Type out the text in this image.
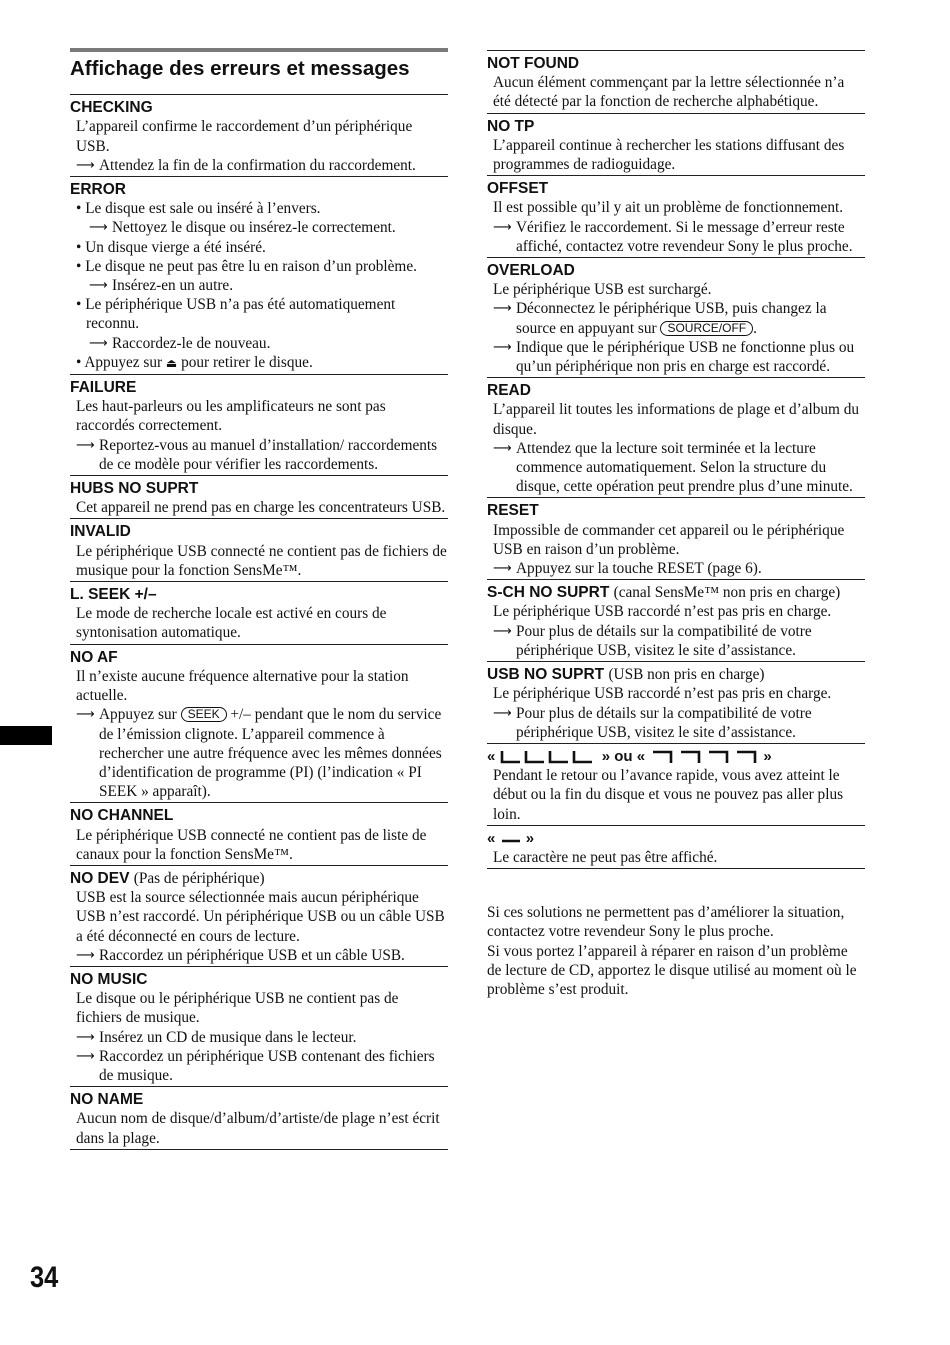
Affichage des erreurs et messages
CHECKING
L’appareil confirme le raccordement d’un périphérique USB.
⟶ Attendez la fin de la confirmation du raccordement.
ERROR
• Le disque est sale ou inséré à l’envers.
⟶ Nettoyez le disque ou insérez-le correctement.
• Un disque vierge a été inséré.
• Le disque ne peut pas être lu en raison d’un problème.
⟶ Insérez-en un autre.
• Le périphérique USB n’a pas été automatiquement reconnu.
⟶ Raccordez-le de nouveau.
• Appuyez sur ⏏ pour retirer le disque.
FAILURE
Les haut-parleurs ou les amplificateurs ne sont pas raccordés correctement.
⟶ Reportez-vous au manuel d’installation/ raccordements de ce modèle pour vérifier les raccordements.
HUBS NO SUPRT
Cet appareil ne prend pas en charge les concentrateurs USB.
INVALID
Le périphérique USB connecté ne contient pas de fichiers de musique pour la fonction SensMe™.
L. SEEK +/–
Le mode de recherche locale est activé en cours de syntonisation automatique.
NO AF
Il n’existe aucune fréquence alternative pour la station actuelle.
⟶ Appuyez sur SEEK +/– pendant que le nom du service de l’émission clignote. L’appareil commence à rechercher une autre fréquence avec les mêmes données d’identification de programme (PI) (l’indication « PI SEEK » apparaît).
NO CHANNEL
Le périphérique USB connecté ne contient pas de liste de canaux pour la fonction SensMe™.
NO DEV (Pas de périphérique)
USB est la source sélectionnée mais aucun périphérique USB n’est raccordé. Un périphérique USB ou un câble USB a été déconnecté en cours de lecture.
⟶ Raccordez un périphérique USB et un câble USB.
NO MUSIC
Le disque ou le périphérique USB ne contient pas de fichiers de musique.
⟶ Insérez un CD de musique dans le lecteur.
⟶ Raccordez un périphérique USB contenant des fichiers de musique.
NO NAME
Aucun nom de disque/d’album/d’artiste/de plage n’est écrit dans la plage.
NOT FOUND
Aucun élément commençant par la lettre sélectionnée n’a été détecté par la fonction de recherche alphabétique.
NO TP
L’appareil continue à rechercher les stations diffusant des programmes de radioguidage.
OFFSET
Il est possible qu’il y ait un problème de fonctionnement.
⟶ Vérifiez le raccordement. Si le message d’erreur reste affiché, contactez votre revendeur Sony le plus proche.
OVERLOAD
Le périphérique USB est surchargé.
⟶ Déconnectez le périphérique USB, puis changez la source en appuyant sur SOURCE/OFF .
⟶ Indique que le périphérique USB ne fonctionne plus ou qu’un périphérique non pris en charge est raccordé.
READ
L’appareil lit toutes les informations de plage et d’album du disque.
⟶ Attendez que la lecture soit terminée et la lecture commence automatiquement. Selon la structure du disque, cette opération peut prendre plus d’une minute.
RESET
Impossible de commander cet appareil ou le périphérique USB en raison d’un problème.
⟶ Appuyez sur la touche RESET (page 6).
S-CH NO SUPRT (canal SensMe™ non pris en charge)
Le périphérique USB raccordé n’est pas pris en charge.
⟶ Pour plus de détails sur la compatibilité de votre périphérique USB, visitez le site d’assistance.
USB NO SUPRT (USB non pris en charge)
Le périphérique USB raccordé n’est pas pris en charge.
⟶ Pour plus de détails sur la compatibilité de votre périphérique USB, visitez le site d’assistance.
«	» ou «	»
Pendant le retour ou l’avance rapide, vous avez atteint le début ou la fin du disque et vous ne pouvez pas aller plus loin.
« »
Le caractère ne peut pas être affiché.
Si ces solutions ne permettent pas d’améliorer la situation, contactez votre revendeur Sony le plus proche.
Si vous portez l’appareil à réparer en raison d’un problème de lecture de CD, apportez le disque utilisé au moment où le problème s’est produit.
34
